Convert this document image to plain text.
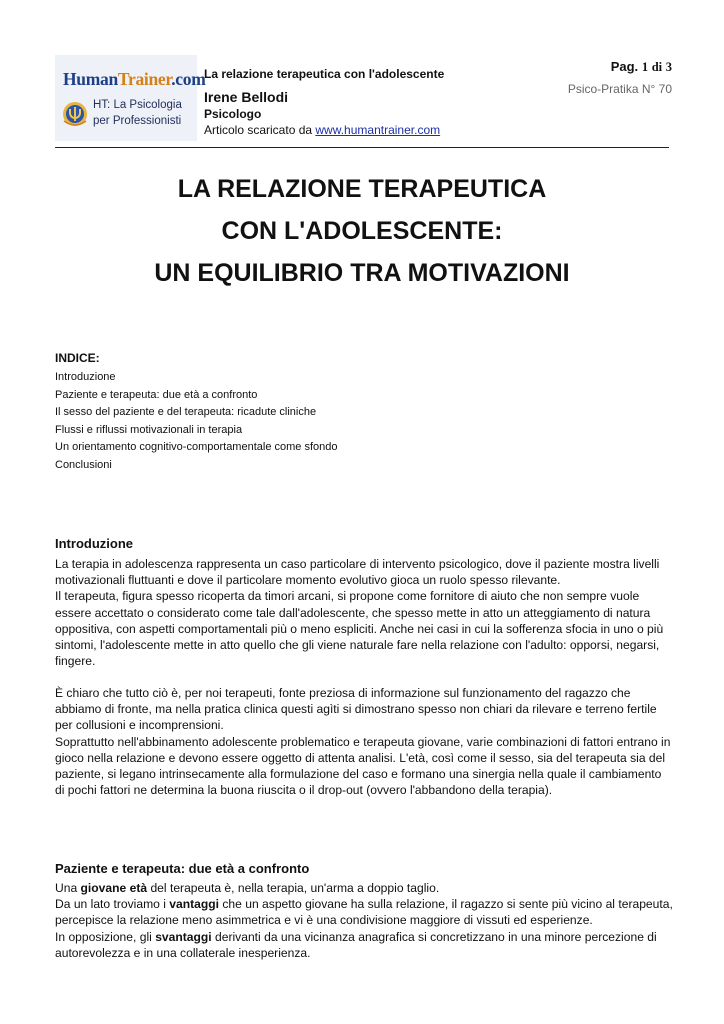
HumanTrainer.com
HT: La Psicologia
per Professionisti
La relazione terapeutica con l'adolescente
Irene Bellodi
Psicologo
Articolo scaricato da www.humantrainer.com
Pag. 1 di 3
Psico-Pratika N° 70
LA RELAZIONE TERAPEUTICA
CON L'ADOLESCENTE:
UN EQUILIBRIO TRA MOTIVAZIONI
INDICE:
Introduzione
Paziente e terapeuta: due età a confronto
Il sesso del paziente e del terapeuta: ricadute cliniche
Flussi e riflussi motivazionali in terapia
Un orientamento cognitivo-comportamentale come sfondo
Conclusioni
Introduzione

La terapia in adolescenza rappresenta un caso particolare di intervento psicologico, dove il paziente mostra livelli motivazionali fluttuanti e dove il particolare momento evolutivo gioca un ruolo spesso rilevante.

Il terapeuta, figura spesso ricoperta da timori arcani, si propone come fornitore di aiuto che non sempre vuole essere accettato o considerato come tale dall'adolescente, che spesso mette in atto un atteggiamento di natura oppositiva, con aspetti comportamentali più o meno espliciti. Anche nei casi in cui la sofferenza sfocia in uno o più sintomi, l'adolescente mette in atto quello che gli viene naturale fare nella relazione con l'adulto: opporsi, negarsi, fingere.

È chiaro che tutto ciò è, per noi terapeuti, fonte preziosa di informazione sul funzionamento del ragazzo che abbiamo di fronte, ma nella pratica clinica questi agìti si dimostrano spesso non chiari da rilevare e terreno fertile per collusioni e incomprensioni.

Soprattutto nell'abbinamento adolescente problematico e terapeuta giovane, varie combinazioni di fattori entrano in gioco nella relazione e devono essere oggetto di attenta analisi. L'età, così come il sesso, sia del terapeuta sia del paziente, si legano intrinsecamente alla formulazione del caso e formano una sinergia nella quale il cambiamento di pochi fattori ne determina la buona riuscita o il drop-out (ovvero l'abbandono della terapia).

Paziente e terapeuta: due età a confronto

Una giovane età del terapeuta è, nella terapia, un'arma a doppio taglio.

Da un lato troviamo i vantaggi che un aspetto giovane ha sulla relazione, il ragazzo si sente più vicino al terapeuta, percepisce la relazione meno asimmetrica e vi è una condivisione maggiore di vissuti ed esperienze.

In opposizione, gli svantaggi derivanti da una vicinanza anagrafica si concretizzano in una minore percezione di autorevolezza e in una collaterale inesperienza.
